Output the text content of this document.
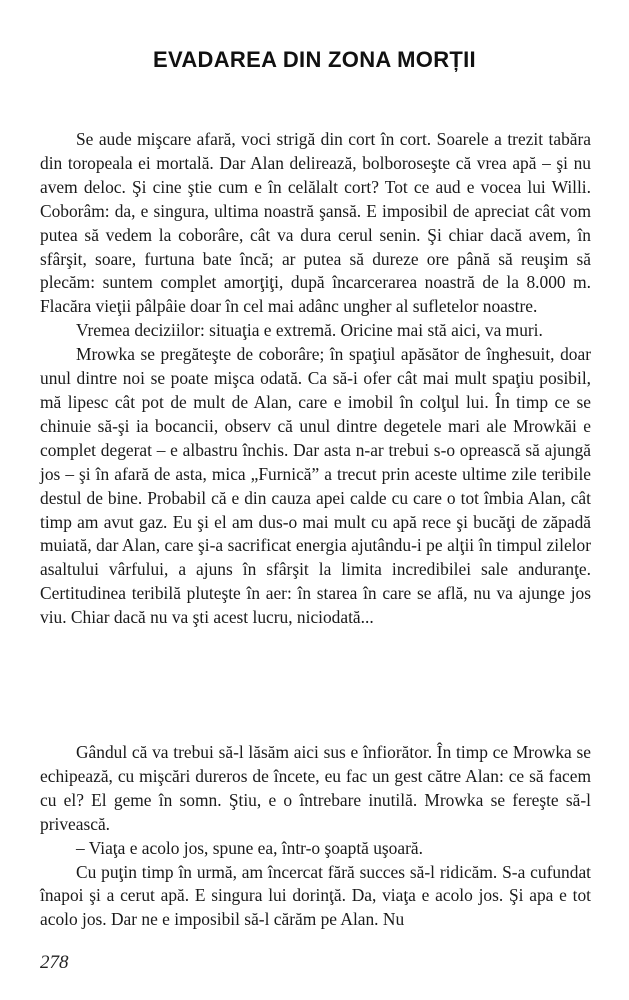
EVADAREA DIN ZONA MORȚII

Se aude mişcare afară, voci strigă din cort în cort. Soarele a trezit tabăra din toropeala ei mortală. Dar Alan delirează, bolboroseşte că vrea apă – şi nu avem deloc. Şi cine ştie cum e în celălalt cort? Tot ce aud e vocea lui Willi. Coborâm: da, e singura, ultima noastră şansă. E imposibil de apreciat cât vom putea să vedem la coborâre, cât va dura cerul senin. Şi chiar dacă avem, în sfârşit, soare, furtuna bate încă; ar putea să dureze ore până să reuşim să plecăm: suntem complet amorţiţi, după încarcerarea noastră de la 8.000 m. Flacăra vieţii pâlpâie doar în cel mai adânc ungher al sufletelor noastre.

Vremea deciziilor: situaţia e extremă. Oricine mai stă aici, va muri.

Mrowka se pregăteşte de coborâre; în spaţiul apăsător de înghesuit, doar unul dintre noi se poate mişca odată. Ca să-i ofer cât mai mult spaţiu posibil, mă lipesc cât pot de mult de Alan, care e imobil în colţul lui. În timp ce se chinuie să-şi ia bocancii, observ că unul dintre degetele mari ale Mrowkăi e complet degerat – e albastru închis. Dar asta n-ar trebui s-o oprească să ajungă jos – şi în afară de asta, mica „Furnică” a trecut prin aceste ultime zile teribile destul de bine. Probabil că e din cauza apei calde cu care o tot îmbia Alan, cât timp am avut gaz. Eu şi el am dus-o mai mult cu apă rece şi bucăţi de zăpadă muiată, dar Alan, care şi-a sacrificat energia ajutându-i pe alţii în timpul zilelor asaltului vârfului, a ajuns în sfârşit la limita incredibilei sale anduranţe. Certitudinea teribilă pluteşte în aer: în starea în care se află, nu va ajunge jos viu. Chiar dacă nu va şti acest lucru, niciodată...

Gândul că va trebui să-l lăsăm aici sus e înfiorător. În timp ce Mrowka se echipează, cu mişcări dureros de încete, eu fac un gest către Alan: ce să facem cu el? El geme în somn. Ştiu, e o întrebare inutilă. Mrowka se fereşte să-l privească.

– Viaţa e acolo jos, spune ea, într-o şoaptă uşoară.

Cu puţin timp în urmă, am încercat fără succes să-l ridicăm. S-a cufundat înapoi şi a cerut apă. E singura lui dorinţă. Da, viaţa e acolo jos. Şi apa e tot acolo jos. Dar ne e imposibil să-l cărăm pe Alan. Nu

278
